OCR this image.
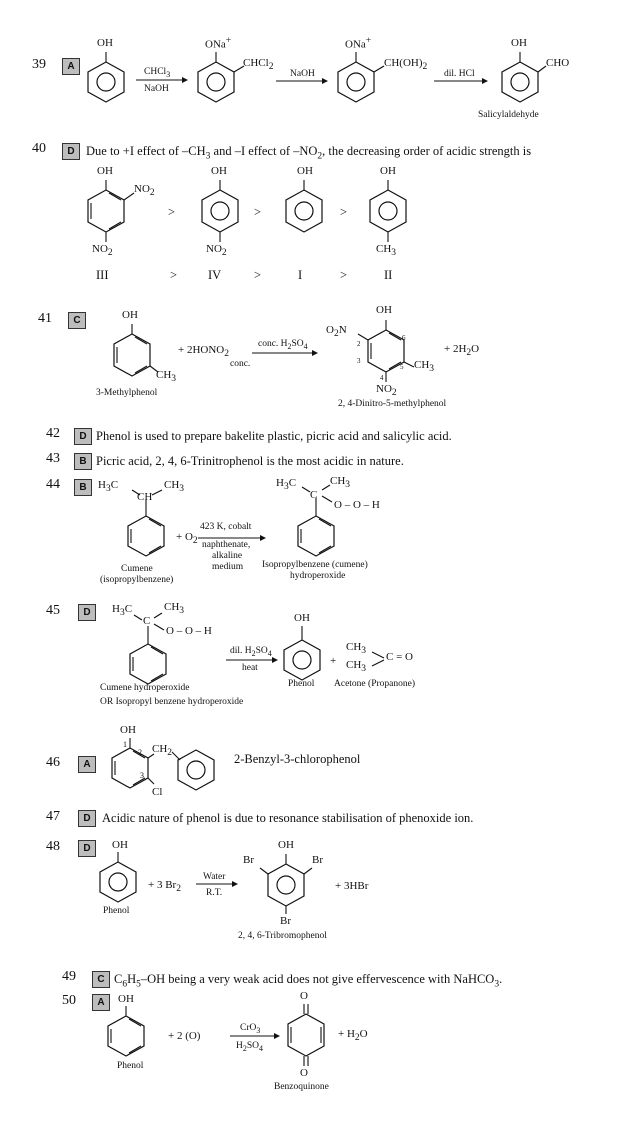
39	A
OH	ONa+
CHCl$_2$
ONa+
$CH(OH)_2$
OH
CHO
CHCl$_3$
NaOH
NaOH	dil. HCl
Salicylaldehyde
40	D Due to +I effect of $-CH_3$ and –I effect of $-NO_2$, the decreasing order of acidic strength is
OH
$NO_2$
$NO_2$
OH
$NO_2$
OH	OH
$CH_3$
>	>	>
III	> IV	>	I	>	II
41	C	OH
$CH_3$
+ $2HONO_2$
conc.
conc. $H_2SO_4$
OH
$O_2N$
2
3
4
5
6
$CH_3$
$NO_2$
+ $2H_2O$
3-Methylphenol
2, 4-Dinitro-5-methylphenol
42	D Phenol is used to prepare bakelite plastic, picric acid and salicylic acid.
43	B Picric acid, 2, 4, 6-Trinitrophenol is the most acidic in nature.
44	B	$H_3C$
CH
$CH_3$
+ $O_2$
423 K, cobalt
naphthenate,
alkaline
medium
$H_3C$
C
$CH_3$
O – O – H
Cumene
(isopropylbenzene)
Isopropylbenzene (cumene)
hydroperoxide
45	D	$H_3C$
C
$CH_3$
O – O – H
dil. $H_2SO_4$
heat
OH
+
$CH_3$
$CH_3$
C = O
Cumene hydroperoxide
OR Isopropyl benzene hydroperoxide
Phenol Acetone (Propanone)
46	A
OH
1
2
3
$CH_2$
Cl
2-Benzyl-3-chlorophenol
47	D Acidic nature of phenol is due to resonance stabilisation of phenoxide ion.
48	D	OH
+ 3 $Br_2$
Water
R.T.
OH
Br	Br
Br
+ 3HBr
Phenol
2, 4, 6-Tribromophenol
49	C $C_6H_5-OH$ being a very weak acid does not give effervescence with NaHCO$_3$.
50	A	OH
+ 2 (O)
CrO$_3$
$H_2SO_4$
O
O
+ $H_2O$
Phenol
Benzoquinone
